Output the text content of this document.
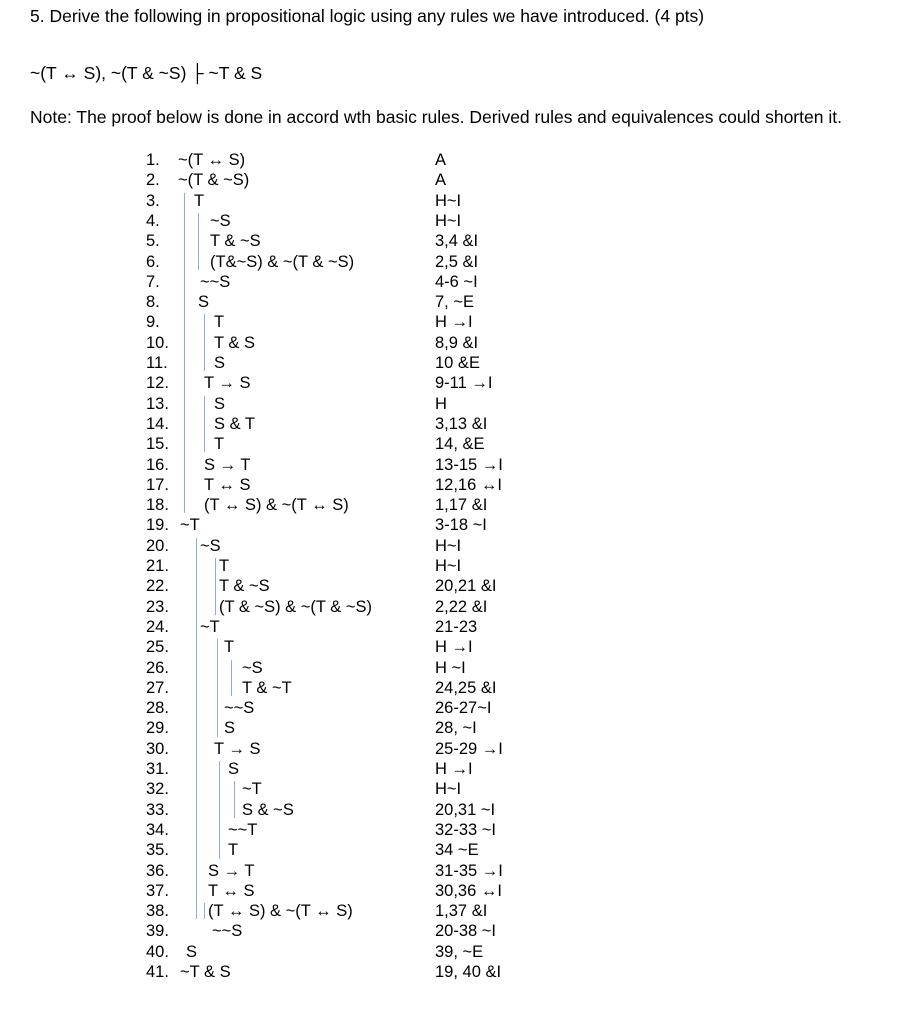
5. Derive the following in propositional logic using any rules we have introduced. (4 pts)
~(T ↔ S), ~(T & ~S) ├ ~T & S
Note: The proof below is done in accord wth basic rules. Derived rules and equivalences could shorten it.
1. ~(T ↔ S)	A
2. ~(T & ~S)	A
3. T	H~I
4.	~S	H~I
5.	T & ~S	3,4 &I
6.	(T&~S) & ~(T & ~S)	2,5 &I
7. ~~S	4-6 ~I
8. S	7, ~E
9.	T	H →I
10.	T & S	8,9 &I
11.	S	10 &E
12. T → S	9-11 →I
13.	S	H
14.	S & T	3,13 &I
15.	T	14, &E
16. S → T	13-15 →I
17. T ↔ S	12,16 ↔I
18. (T ↔ S) & ~(T ↔ S)	1,17 &I
19. ~T	3-18 ~I
20. ~S	H~I
21.	T	H~I
22.	T & ~S	20,21 &I
23.	(T & ~S) & ~(T & ~S)	2,22 &I
24. ~T	21-23
25.	T	H →I
26.	~S	H ~I
27.	T & ~T	24,25 &I
28.	~~S	26-27~I
29.	S	28, ~I
30.	T → S	25-29 →I
31.	S	H →I
32.	~T	H~I
33.	S & ~S	20,31 ~I
34.	~~T	32-33 ~I
35.	T	34 ~E
36. S → T	31-35 →I
37. T ↔ S	30,36 ↔I
38. (T ↔ S) & ~(T ↔ S)	1,37 &I
39.	~~S	20-38 ~I
40. S	39, ~E
41. ~T & S	19, 40 &I
